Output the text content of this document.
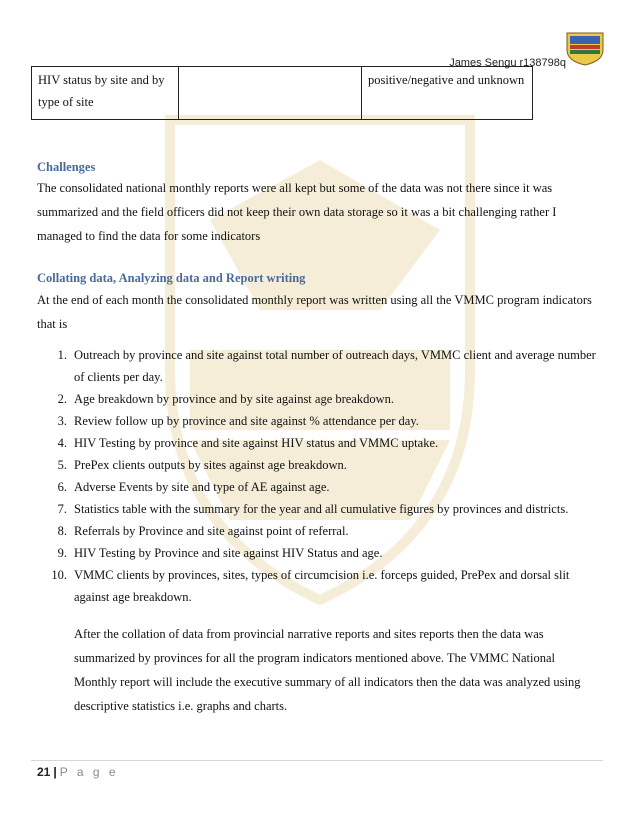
James Sengu r138798q
HIV status by site and by type of site		positive/negative and unknown
Challenges
The consolidated national monthly reports were all kept but some of the data was not there since it was summarized and the field officers did not keep their own data storage so it was a bit challenging rather I managed to find the data for some indicators
Collating data, Analyzing data and Report writing
At the end of each month the consolidated monthly report was written using all the VMMC program indicators that is
1. Outreach by province and site against total number of outreach days, VMMC client and average number of clients per day.
2. Age breakdown by province and by site against age breakdown.
3. Review follow up by province and site against % attendance per day.
4. HIV Testing by province and site against HIV status and VMMC uptake.
5. PrePex clients outputs by sites against age breakdown.
6. Adverse Events by site and type of AE against age.
7. Statistics table with the summary for the year and all cumulative figures by provinces and districts.
8. Referrals by Province and site against point of referral.
9. HIV Testing by Province and site against HIV Status and age.
10. VMMC clients by provinces, sites, types of circumcision i.e. forceps guided, PrePex and dorsal slit against age breakdown.
After the collation of data from provincial narrative reports and sites reports then the data was summarized by provinces for all the program indicators mentioned above. The VMMC National Monthly report will include the executive summary of all indicators then the data was analyzed using descriptive statistics i.e. graphs and charts.
21 | P a g e
